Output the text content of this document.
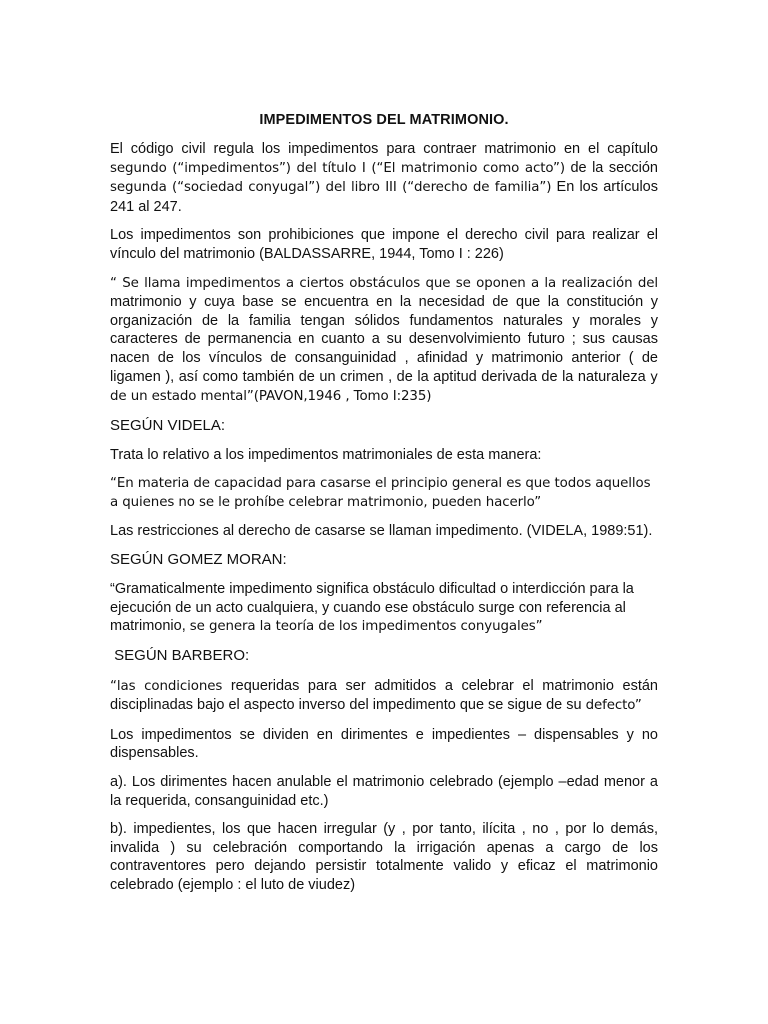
IMPEDIMENTOS DEL MATRIMONIO.

El código civil regula los impedimentos para contraer matrimonio en el capítulo segundo (“impedimentos”) del título I (“El matrimonio como acto”) de la sección segunda (“sociedad conyugal”) del libro III (“derecho de familia”) En los artículos 241 al 247.

Los impedimentos son prohibiciones que impone el derecho civil para realizar el vínculo del matrimonio (BALDASSARRE, 1944, Tomo I : 226)

“ Se llama impedimentos a ciertos obstáculos que se oponen a la realización del matrimonio y cuya base se encuentra en la necesidad de que la constitución y organización de la familia tengan sólidos fundamentos naturales y morales y caracteres de permanencia en cuanto a su desenvolvimiento futuro ; sus causas nacen de los vínculos de consanguinidad , afinidad y matrimonio anterior ( de ligamen ), así como también de un crimen , de la aptitud derivada de la naturaleza y de un estado mental”(PAVON,1946 , Tomo I:235)

SEGÚN VIDELA:

Trata lo relativo a los impedimentos matrimoniales de esta manera:

“En materia de capacidad para casarse el principio general es que todos aquellos a quienes no se le prohíbe celebrar matrimonio, pueden hacerlo”

Las restricciones al derecho de casarse se llaman impedimento. (VIDELA, 1989:51).

SEGÚN GOMEZ MORAN:

“Gramaticalmente impedimento significa obstáculo dificultad o interdicción para la ejecución de un acto cualquiera, y cuando ese obstáculo surge con referencia al matrimonio, se genera la teoría de los impedimentos conyugales”

SEGÚN BARBERO:

“las condiciones requeridas para ser admitidos a celebrar el matrimonio están disciplinadas bajo el aspecto inverso del impedimento que se sigue de su defecto”

Los impedimentos se dividen en dirimentes e impedientes – dispensables y no dispensables.

a). Los dirimentes hacen anulable el matrimonio celebrado (ejemplo –edad menor a la requerida, consanguinidad etc.)

b). impedientes, los que hacen irregular (y , por tanto, ilícita , no , por lo demás, invalida ) su celebración comportando la irrigación apenas a cargo de los contraventores pero dejando persistir totalmente valido y eficaz el matrimonio celebrado (ejemplo : el luto de viudez)
